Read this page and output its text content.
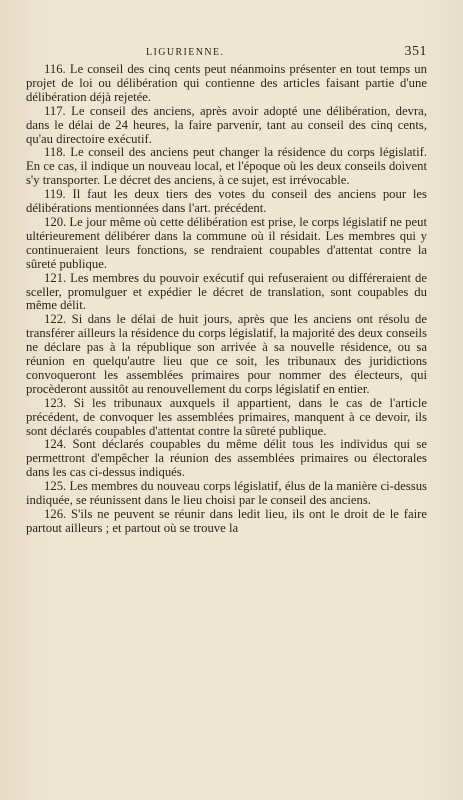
LIGURIENNE.	351

116. Le conseil des cinq cents peut néanmoins présenter en tout temps un projet de loi ou délibération qui contienne des articles faisant partie d'une délibération déjà rejetée.

117. Le conseil des anciens, après avoir adopté une délibération, devra, dans le délai de 24 heures, la faire parvenir, tant au conseil des cinq cents, qu'au directoire exécutif.

118. Le conseil des anciens peut changer la résidence du corps législatif. En ce cas, il indique un nouveau local, et l'époque où les deux conseils doivent s'y transporter. Le décret des anciens, à ce sujet, est irrévocable.

119. Il faut les deux tiers des votes du conseil des anciens pour les délibérations mentionnées dans l'art. précédent.

120. Le jour même où cette délibération est prise, le corps législatif ne peut ultérieurement délibérer dans la commune où il résidait. Les membres qui y continueraient leurs fonctions, se rendraient coupables d'attentat contre la sûreté publique.

121. Les membres du pouvoir exécutif qui refuseraient ou différeraient de sceller, promulguer et expédier le décret de translation, sont coupables du même délit.

122. Si dans le délai de huit jours, après que les anciens ont résolu de transférer ailleurs la résidence du corps législatif, la majorité des deux conseils ne déclare pas à la république son arrivée à sa nouvelle résidence, ou sa réunion en quelqu'autre lieu que ce soit, les tribunaux des juridictions convoqueront les assemblées primaires pour nommer des électeurs, qui procèderont aussitôt au renouvellement du corps législatif en entier.

123. Si les tribunaux auxquels il appartient, dans le cas de l'article précédent, de convoquer les assemblées primaires, manquent à ce devoir, ils sont déclarés coupables d'attentat contre la sûreté publique.

124. Sont déclarés coupables du même délit tous les individus qui se permettront d'empêcher la réunion des assemblées primaires ou électorales dans les cas ci-dessus indiqués.

125. Les membres du nouveau corps législatif, élus de la manière ci-dessus indiquée, se réunissent dans le lieu choisi par le conseil des anciens.

126. S'ils ne peuvent se réunir dans ledit lieu, ils ont le droit de le faire partout ailleurs ; et partout où se trouve la
